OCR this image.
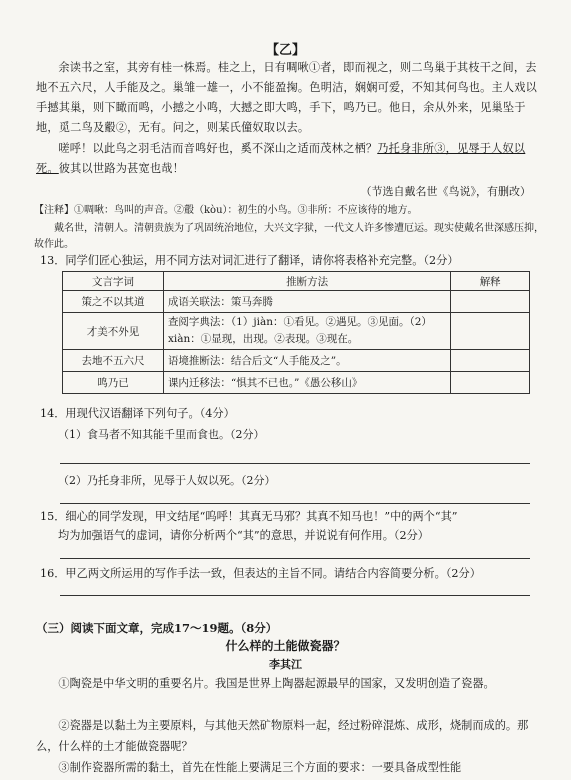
【乙】
余读书之室，其旁有桂一株焉。桂之上，日有啁啾①者，即而视之，则二鸟巢于其枝干之间，去地不五六尺，人手能及之。巢雏一雄一，小不能盈掬。色明洁，娴娴可爱，不知其何鸟也。主人戏以手撼其巢，则下瞰而鸣，小撼之小鸣，大撼之即大鸣，手下，鸣乃已。他日，余从外来，见巢坠于地，觅二鸟及鷇②，无有。问之，则某氏僮奴取以去。
嗟呼！以此鸟之羽毛洁而音鸣好也，奚不深山之适而茂林之栖？乃托身非所③，见辱于人奴以死。彼其以世路为甚宽也哉！
（节选自戴名世《鸟说》，有删改）
【注释】①啁啾：鸟叫的声音。②鷇（kòu）：初生的小鸟。③非所：不应该待的地方。
戴名世，清朝人。清朝贵族为了巩固统治地位，大兴文字狱，一代文人许多惨遭厄运。现实使戴名世深感压抑，故作此。
13．同学们匠心独运，用不同方法对词汇进行了翻译，请你将表格补充完整。（2分）
文言字词	推断方法	解释
策之不以其道	成语关联法：策马奔腾	
才美不外见	查阅字典法：（1）jiàn：①看见。②遇见。③见面。（2）xiàn：①显现，出现。②表现。③现在。	
去地不五六尺	语境推断法：结合后文“人手能及之”。	
鸣乃已	课内迁移法：“惧其不已也。”《愚公移山》	
14．用现代汉语翻译下列句子。（4分）
（1）食马者不知其能千里而食也。（2分）
（2）乃托身非所，见辱于人奴以死。（2分）
15．细心的同学发现，甲文结尾“呜呼！其真无马邪？其真不知马也！”中的两个“其”
均为加强语气的虚词，请你分析两个“其”的意思，并说说有何作用。（2分）
16．甲乙两文所运用的写作手法一致，但表达的主旨不同。请结合内容简要分析。（2分）
（三）阅读下面文章，完成17～19题。（8分）
什么样的土能做瓷器？
李其江
①陶瓷是中华文明的重要名片。我国是世界上陶器起源最早的国家，又发明创造了瓷器。
②瓷器是以黏土为主要原料，与其他天然矿物原料一起，经过粉碎混炼、成形，烧制而成的。那么，什么样的土才能做瓷器呢？
③制作瓷器所需的黏土，首先在性能上要满足三个方面的要求：一要具备成型性能
